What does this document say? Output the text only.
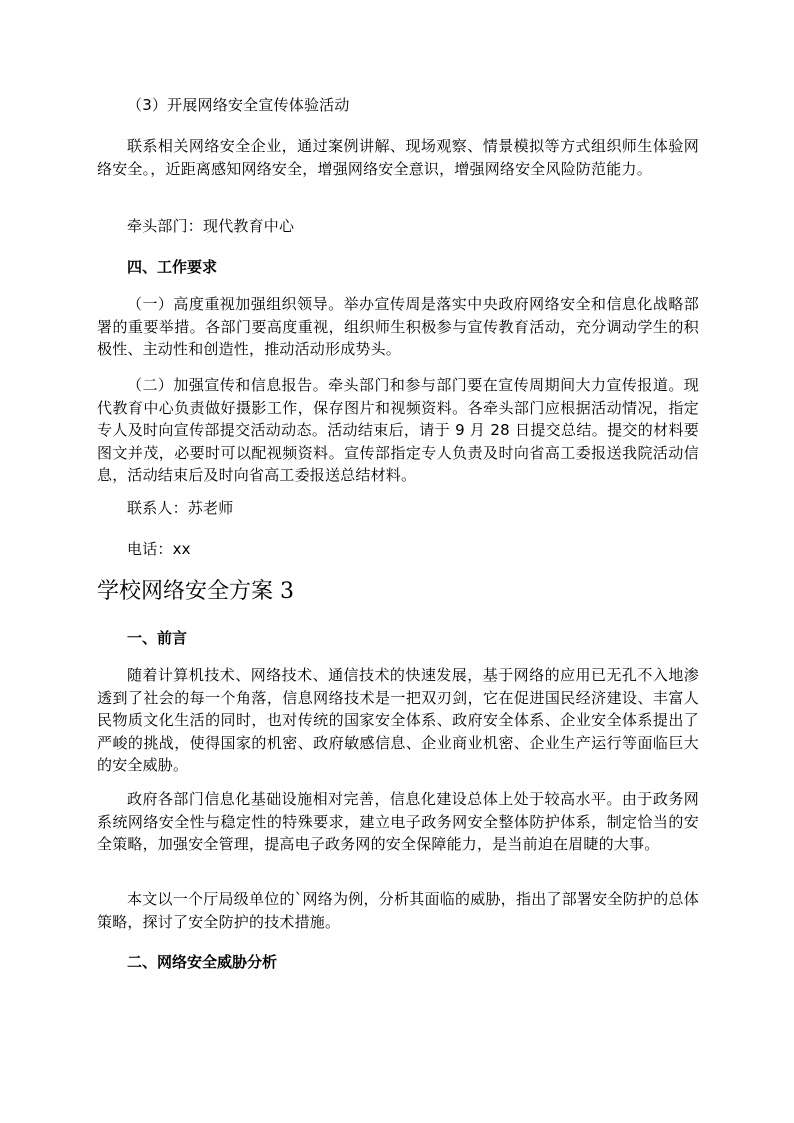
（3）开展网络安全宣传体验活动

联系相关网络安全企业，通过案例讲解、现场观察、情景模拟等方式组织师生体验网络安全。，近距离感知网络安全，增强网络安全意识，增强网络安全风险防范能力。

牵头部门：现代教育中心

四、工作要求

（一）高度重视加强组织领导。举办宣传周是落实中央政府网络安全和信息化战略部署的重要举措。各部门要高度重视，组织师生积极参与宣传教育活动，充分调动学生的积极性、主动性和创造性，推动活动形成势头。

（二）加强宣传和信息报告。牵头部门和参与部门要在宣传周期间大力宣传报道。现代教育中心负责做好摄影工作，保存图片和视频资料。各牵头部门应根据活动情况，指定专人及时向宣传部提交活动动态。活动结束后，请于 9 月 28 日提交总结。提交的材料要图文并茂，必要时可以配视频资料。宣传部指定专人负责及时向省高工委报送我院活动信息，活动结束后及时向省高工委报送总结材料。

联系人：苏老师

电话：xx

学校网络安全方案 3

一、前言

随着计算机技术、网络技术、通信技术的快速发展，基于网络的应用已无孔不入地渗透到了社会的每一个角落，信息网络技术是一把双刃剑，它在促进国民经济建设、丰富人民物质文化生活的同时，也对传统的国家安全体系、政府安全体系、企业安全体系提出了严峻的挑战，使得国家的机密、政府敏感信息、企业商业机密、企业生产运行等面临巨大的安全威胁。

政府各部门信息化基础设施相对完善，信息化建设总体上处于较高水平。由于政务网系统网络安全性与稳定性的特殊要求，建立电子政务网安全整体防护体系，制定恰当的安全策略，加强安全管理，提高电子政务网的安全保障能力，是当前迫在眉睫的大事。

本文以一个厅局级单位的`网络为例，分析其面临的威胁，指出了部署安全防护的总体策略，探讨了安全防护的技术措施。

二、网络安全威胁分析
